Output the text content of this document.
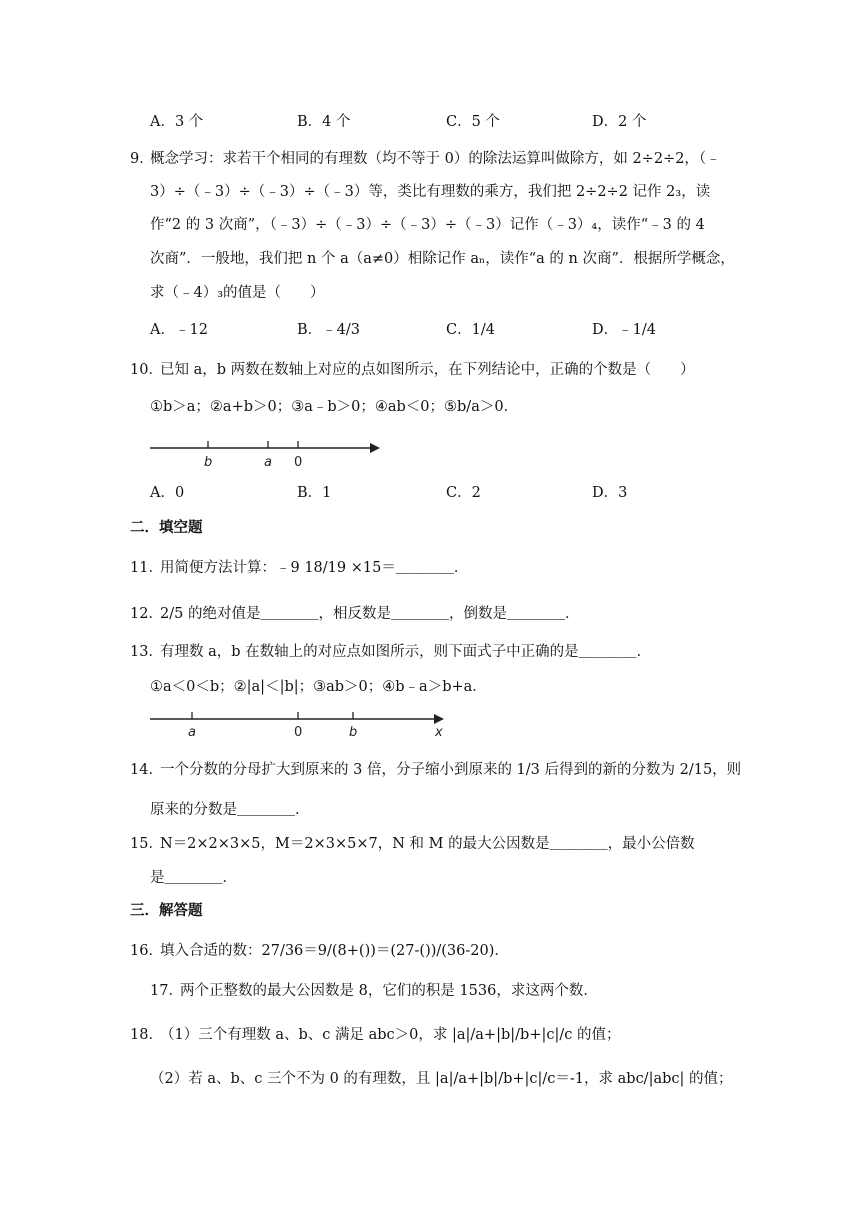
A．3 个	B．4 个	C．5 个	D．2 个
9．
概念学习：求若干个相同的有理数（均不等于 0）的除法运算叫做除方，如 2÷2÷2，（﹣
3）÷（﹣3）÷（﹣3）÷（﹣3）等，类比有理数的乘方，我们把 2÷2÷2 记作 2₃，读
作“2 的 3 次商”，（﹣3）÷（﹣3）÷（﹣3）÷（﹣3）记作（﹣3）₄，读作“﹣3 的 4
次商”．一般地，我们把 n 个 a（a≠0）相除记作 aₙ，读作“a 的 n 次商”．根据所学概念，
求（﹣4）₃的值是（　　）
A．﹣12	B．﹣4/3	C．1/4	D．﹣1/4
10．
已知 a，b 两数在数轴上对应的点如图所示，在下列结论中，正确的个数是（　　）
①b＞a；②a+b＞0；③a﹣b＞0；④ab＜0；⑤b/a＞0．
b	a 0
A．0	B．1	C．2	D．3
二．填空题
11．
用简便方法计算：﹣9 18/19 ×15＝＿＿＿＿．
12．
2/5 的绝对值是＿＿＿＿，相反数是＿＿＿＿，倒数是＿＿＿＿．
13．
有理数 a，b 在数轴上的对应点如图所示，则下面式子中正确的是＿＿＿＿．
①a＜0＜b；②|a|＜|b|；③ab＞0；④b﹣a＞b+a．
a	0	b	x
14．
一个分数的分母扩大到原来的 3 倍，分子缩小到原来的 1/3 后得到的新的分数为 2/15，则
原来的分数是＿＿＿＿．
15．
N＝2×2×3×5，M＝2×3×5×7，N 和 M 的最大公因数是＿＿＿＿，最小公倍数
是＿＿＿＿．
三．解答题
16．
填入合适的数：27/36＝9/(8+())＝(27-())/(36-20)．
17．
两个正整数的最大公因数是 8，它们的积是 1536，求这两个数．
18．
（1）三个有理数 a、b、c 满足 abc＞0，求 |a|/a+|b|/b+|c|/c 的值；
（2）若 a、b、c 三个不为 0 的有理数，且 |a|/a+|b|/b+|c|/c＝-1，求 abc/|abc| 的值；
